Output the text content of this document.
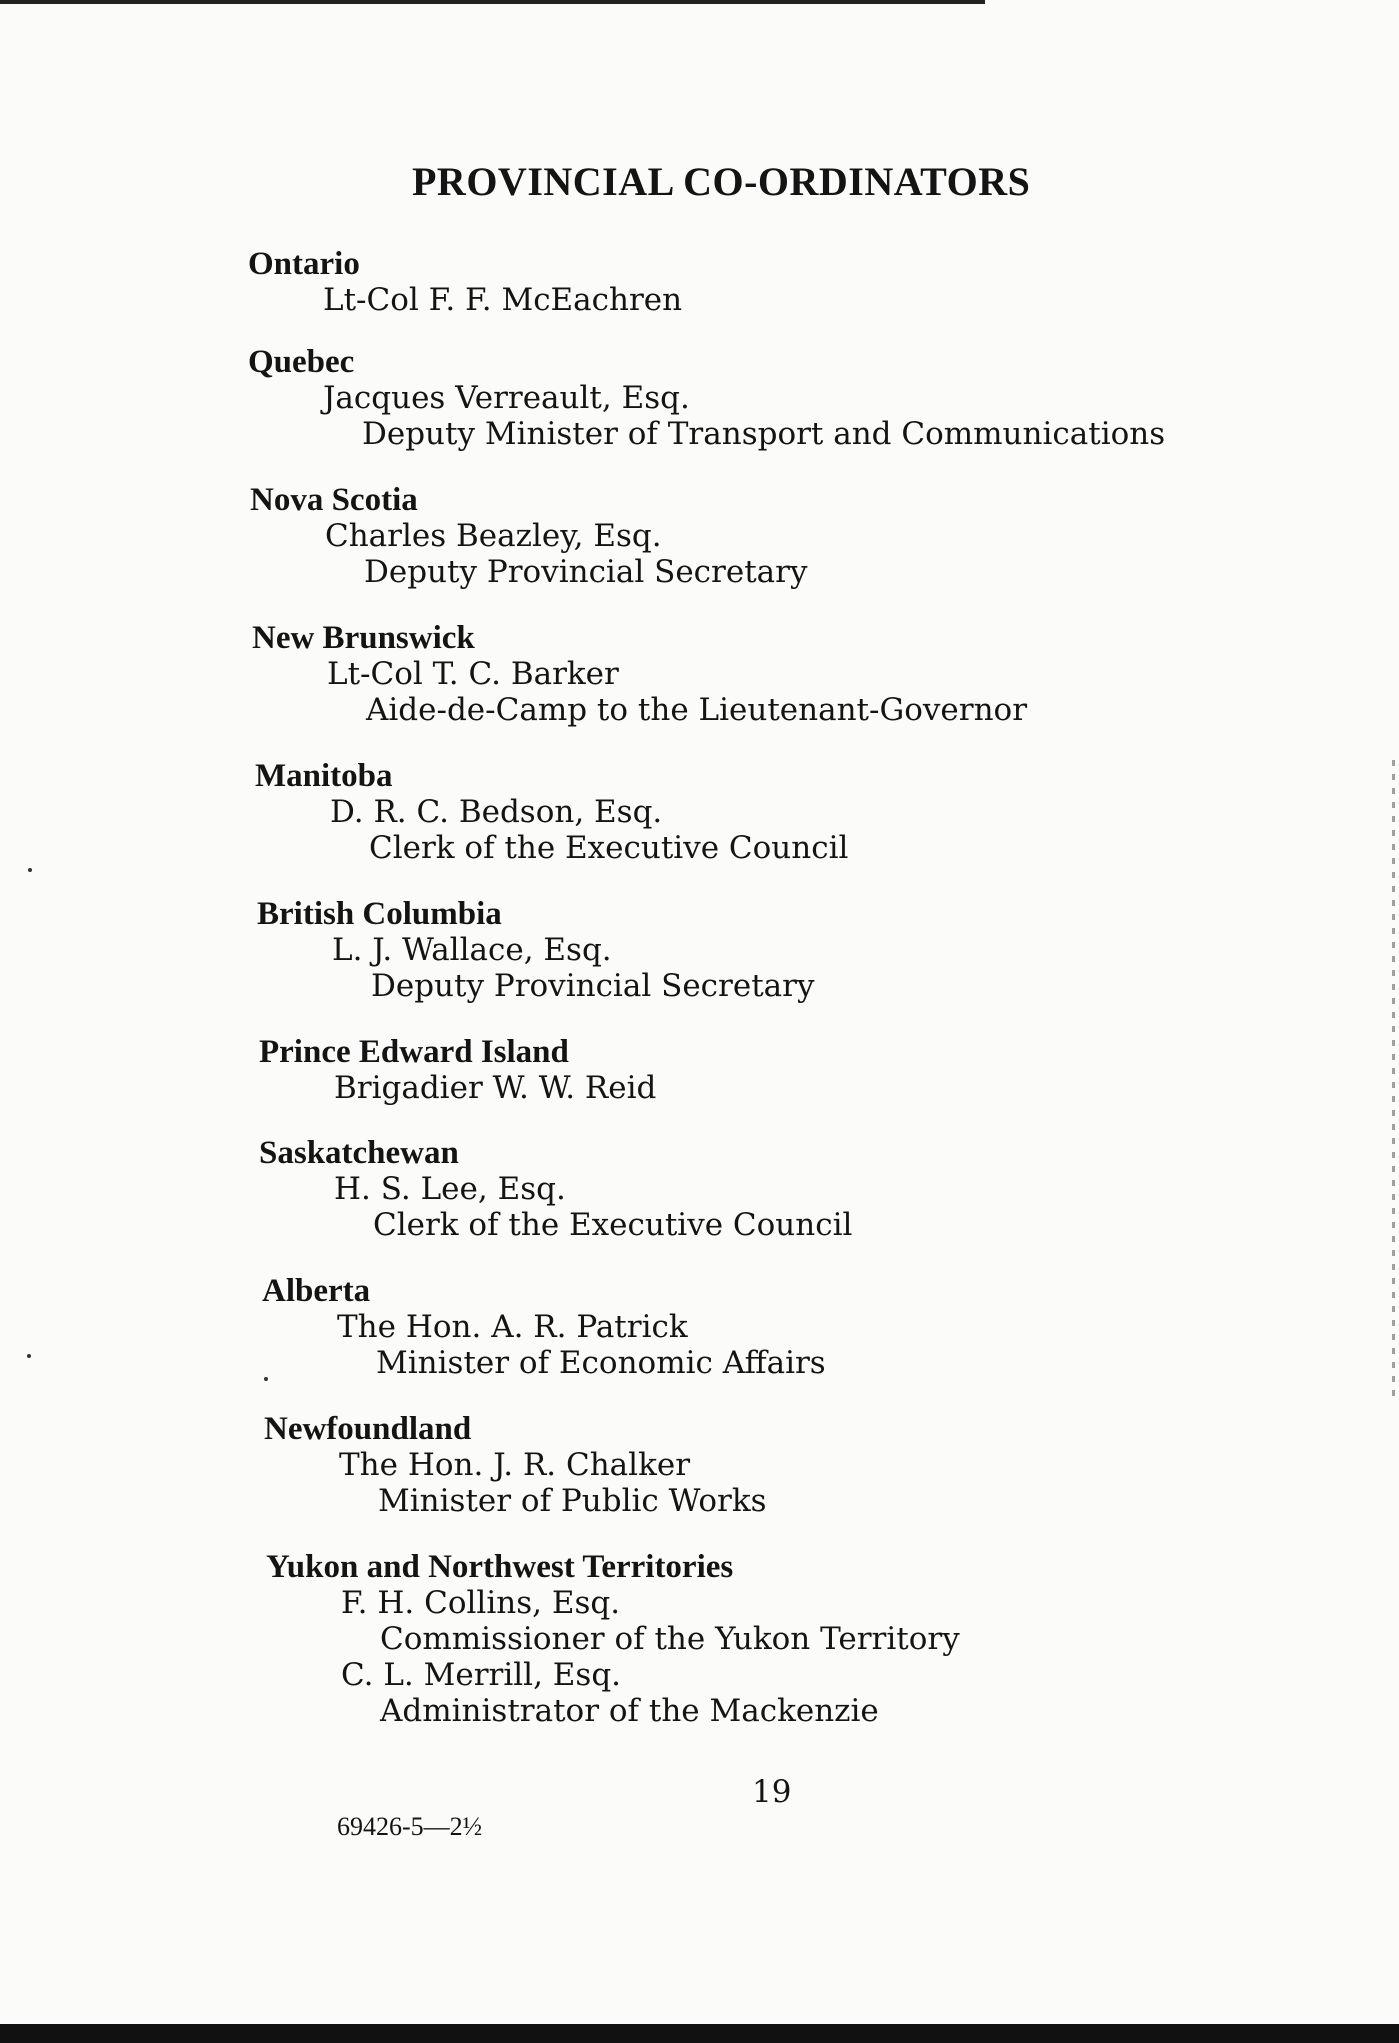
PROVINCIAL CO-ORDINATORS
Ontario
Lt-Col F. F. McEachren
Quebec
Jacques Verreault, Esq.
Deputy Minister of Transport and Communications
Nova Scotia
Charles Beazley, Esq.
Deputy Provincial Secretary
New Brunswick
Lt-Col T. C. Barker
Aide-de-Camp to the Lieutenant-Governor
Manitoba
D. R. C. Bedson, Esq.
Clerk of the Executive Council
British Columbia
L. J. Wallace, Esq.
Deputy Provincial Secretary
Prince Edward Island
Brigadier W. W. Reid
Saskatchewan
H. S. Lee, Esq.
Clerk of the Executive Council
Alberta
The Hon. A. R. Patrick
Minister of Economic Affairs
Newfoundland
The Hon. J. R. Chalker
Minister of Public Works
Yukon and Northwest Territories
F. H. Collins, Esq.
Commissioner of the Yukon Territory
C. L. Merrill, Esq.
Administrator of the Mackenzie
19
69426-5—2½
